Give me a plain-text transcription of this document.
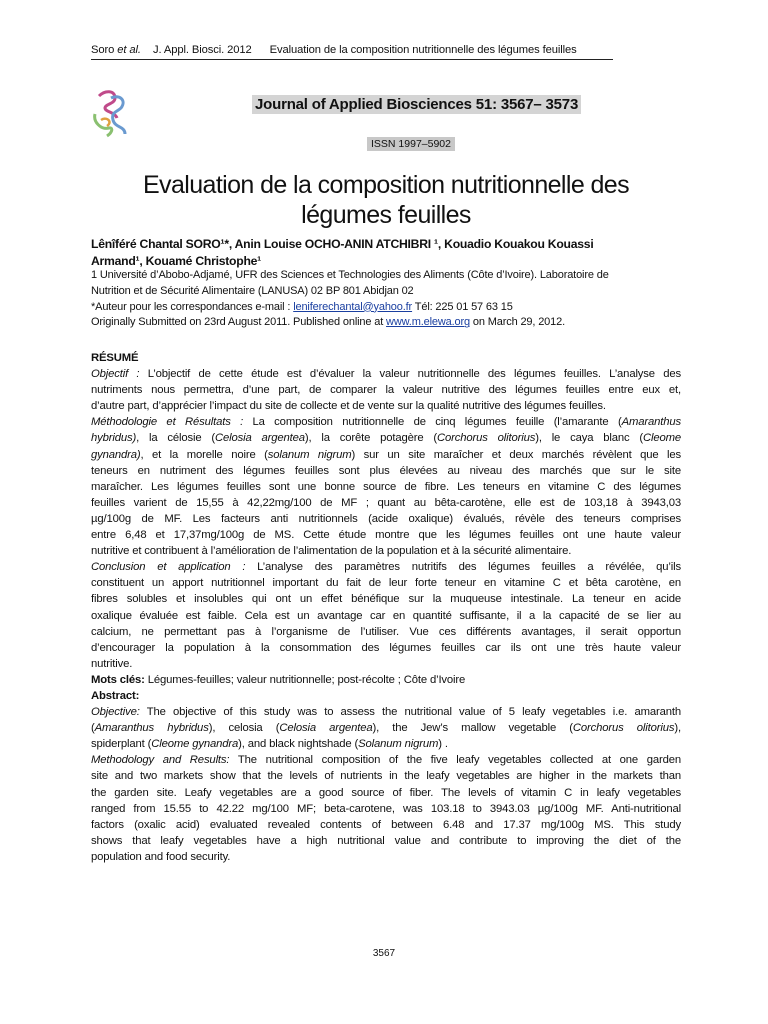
Soro et al. J. Appl. Biosci. 2012 Evaluation de la composition nutritionnelle des légumes feuilles
Journal of Applied Biosciences 51: 3567– 3573
ISSN 1997–5902
Evaluation de la composition nutritionnelle des
légumes feuilles
Lênîféré Chantal SORO¹*, Anin Louise OCHO-ANIN ATCHIBRI ¹, Kouadio Kouakou Kouassi
Armand¹, Kouamé Christophe¹
1 Université d’Abobo-Adjamé, UFR des Sciences et Technologies des Aliments (Côte d’Ivoire). Laboratoire de
Nutrition et de Sécurité Alimentaire (LANUSA) 02 BP 801 Abidjan 02
*Auteur pour les correspondances e-mail : leniferechantal@yahoo.fr Tél: 225 01 57 63 15
Originally Submitted on 23rd August 2011. Published online at www.m.elewa.org on March 29, 2012.
RÉSUMÉ
Objectif : L’objectif de cette étude est d’évaluer la valeur nutritionnelle des légumes feuilles. L’analyse des
nutriments nous permettra, d’une part, de comparer la valeur nutritive des légumes feuilles entre eux et,
d’autre part, d’apprécier l’impact du site de collecte et de vente sur la qualité nutritive des légumes feuilles.
Méthodologie et Résultats : La composition nutritionnelle de cinq légumes feuille (l’amarante (Amaranthus
hybridus), la célosie (Celosia argentea), la corête potagère (Corchorus olitorius), le caya blanc (Cleome
gynandra), et la morelle noire (solanum nigrum) sur un site maraîcher et deux marchés révèlent que les
teneurs en nutriment des légumes feuilles sont plus élevées au niveau des marchés que sur le site
maraîcher. Les légumes feuilles sont une bonne source de fibre. Les teneurs en vitamine C des légumes
feuilles varient de 15,55 à 42,22mg/100 de MF ; quant au bêta-carotène, elle est de 103,18 à 3943,03
µg/100g de MF. Les facteurs anti nutritionnels (acide oxalique) évalués, révèle des teneurs comprises
entre 6,48 et 17,37mg/100g de MS. Cette étude montre que les légumes feuilles ont une haute valeur
nutritive et contribuent à l’amélioration de l’alimentation de la population et à la sécurité alimentaire.
Conclusion et application : L’analyse des paramètres nutritifs des légumes feuilles a révélée, qu’ils
constituent un apport nutritionnel important du fait de leur forte teneur en vitamine C et bêta carotène, en
fibres solubles et insolubles qui ont un effet bénéfique sur la muqueuse intestinale. La teneur en acide
oxalique évaluée est faible. Cela est un avantage car en quantité suffisante, il a la capacité de se lier au
calcium, ne permettant pas à l’organisme de l’utiliser. Vue ces différents avantages, il serait opportun
d’encourager la population à la consommation des légumes feuilles car ils ont une très haute valeur
nutritive.
Mots clés: Légumes-feuilles; valeur nutritionnelle; post-récolte ; Côte d’Ivoire
Abstract:
Objective: The objective of this study was to assess the nutritional value of 5 leafy vegetables i.e. amaranth
(Amaranthus hybridus), celosia (Celosia argentea), the Jew’s mallow vegetable (Corchorus olitorius),
spiderplant (Cleome gynandra), and black nightshade (Solanum nigrum) .
Methodology and Results: The nutritional composition of the five leafy vegetables collected at one garden
site and two markets show that the levels of nutrients in the leafy vegetables are higher in the markets than
the garden site. Leafy vegetables are a good source of fiber. The levels of vitamin C in leafy vegetables
ranged from 15.55 to 42.22 mg/100 MF; beta-carotene, was 103.18 to 3943.03 µg/100g MF. Anti-nutritional
factors (oxalic acid) evaluated revealed contents of between 6.48 and 17.37 mg/100g MS. This study
shows that leafy vegetables have a high nutritional value and contribute to improving the diet of the
population and food security.
3567
